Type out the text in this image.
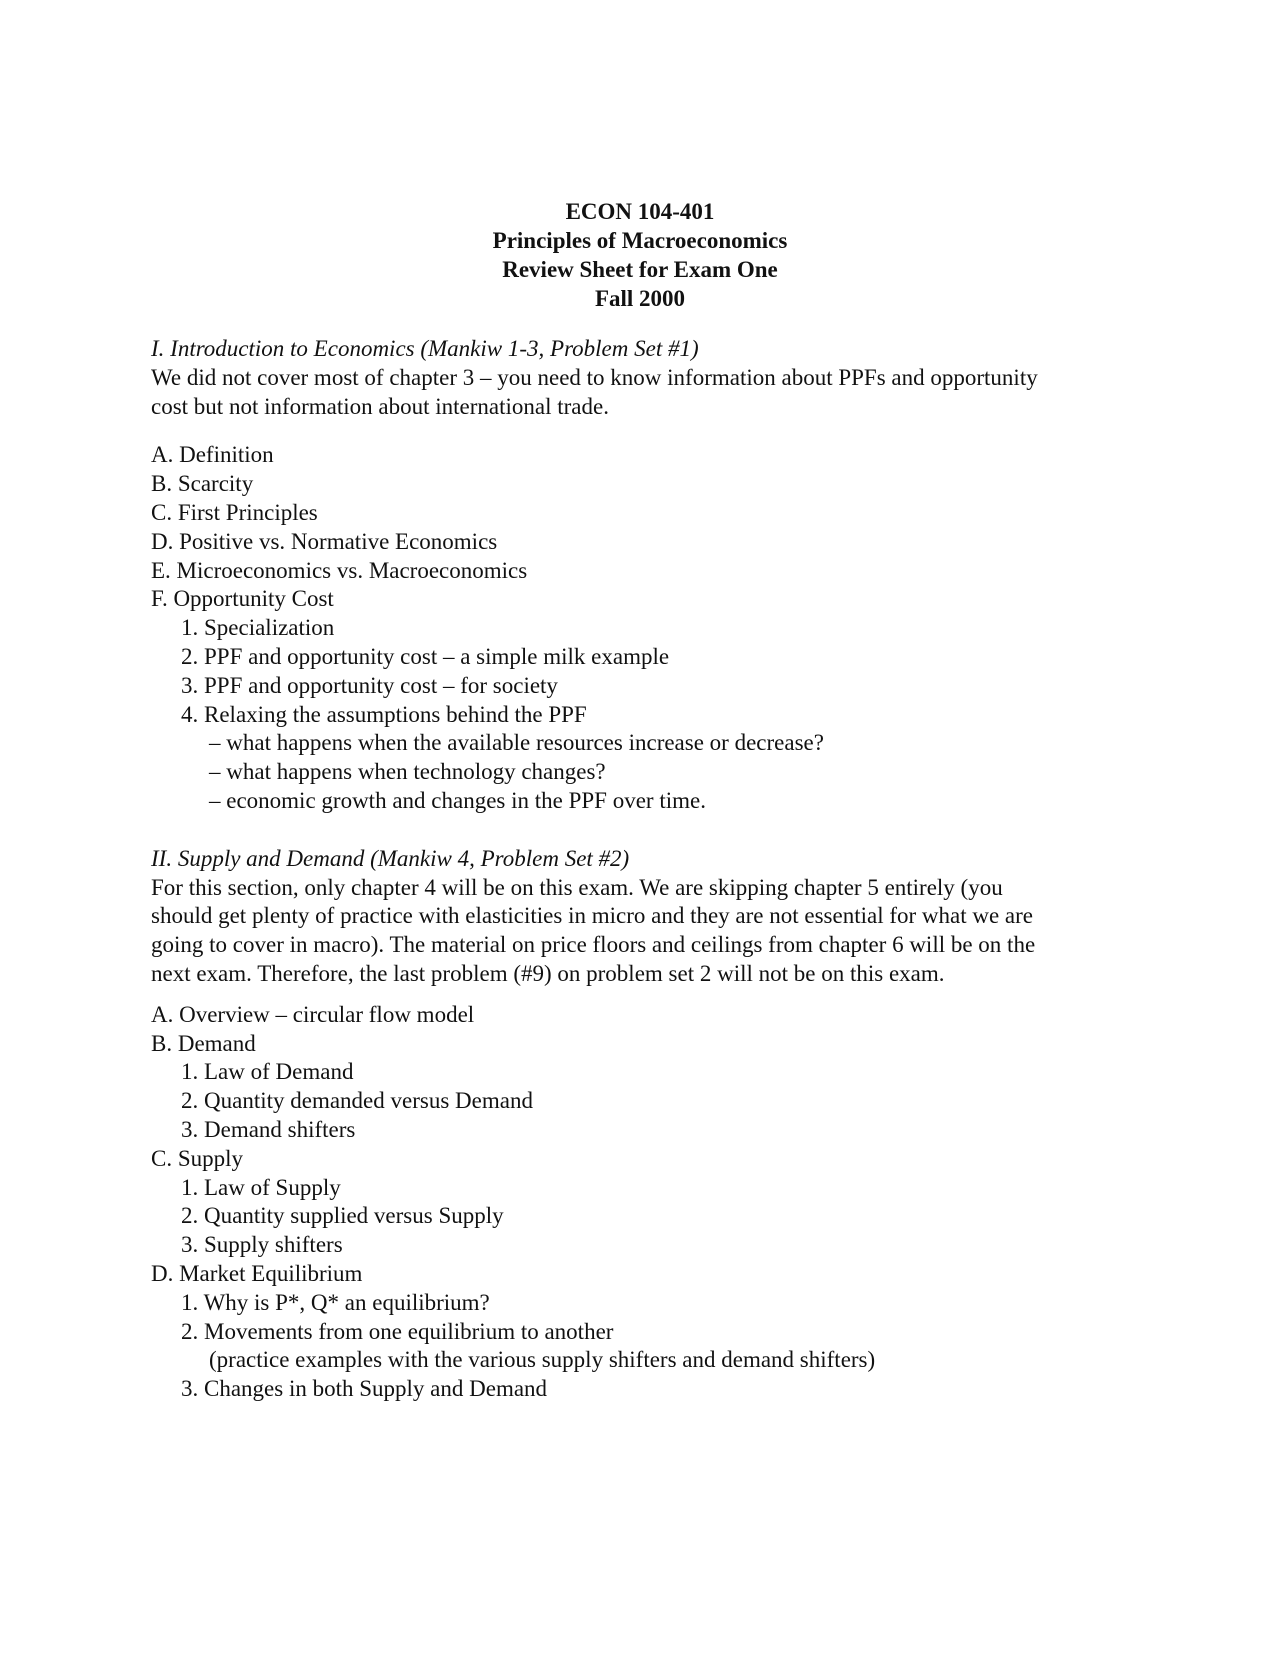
ECON 104-401
Principles of Macroeconomics
Review Sheet for Exam One
Fall 2000
I. Introduction to Economics (Mankiw 1-3, Problem Set #1)
We did not cover most of chapter 3 – you need to know information about PPFs and opportunity
cost but not information about international trade.
A. Definition
B. Scarcity
C. First Principles
D. Positive vs. Normative Economics
E. Microeconomics vs. Macroeconomics
F. Opportunity Cost
1. Specialization
2. PPF and opportunity cost – a simple milk example
3. PPF and opportunity cost – for society
4. Relaxing the assumptions behind the PPF
– what happens when the available resources increase or decrease?
– what happens when technology changes?
– economic growth and changes in the PPF over time.
II. Supply and Demand (Mankiw 4, Problem Set #2)
For this section, only chapter 4 will be on this exam. We are skipping chapter 5 entirely (you
should get plenty of practice with elasticities in micro and they are not essential for what we are
going to cover in macro). The material on price floors and ceilings from chapter 6 will be on the
next exam. Therefore, the last problem (#9) on problem set 2 will not be on this exam.
A. Overview – circular flow model
B. Demand
1. Law of Demand
2. Quantity demanded versus Demand
3. Demand shifters
C. Supply
1. Law of Supply
2. Quantity supplied versus Supply
3. Supply shifters
D. Market Equilibrium
1. Why is P*, Q* an equilibrium?
2. Movements from one equilibrium to another
(practice examples with the various supply shifters and demand shifters)
3. Changes in both Supply and Demand
